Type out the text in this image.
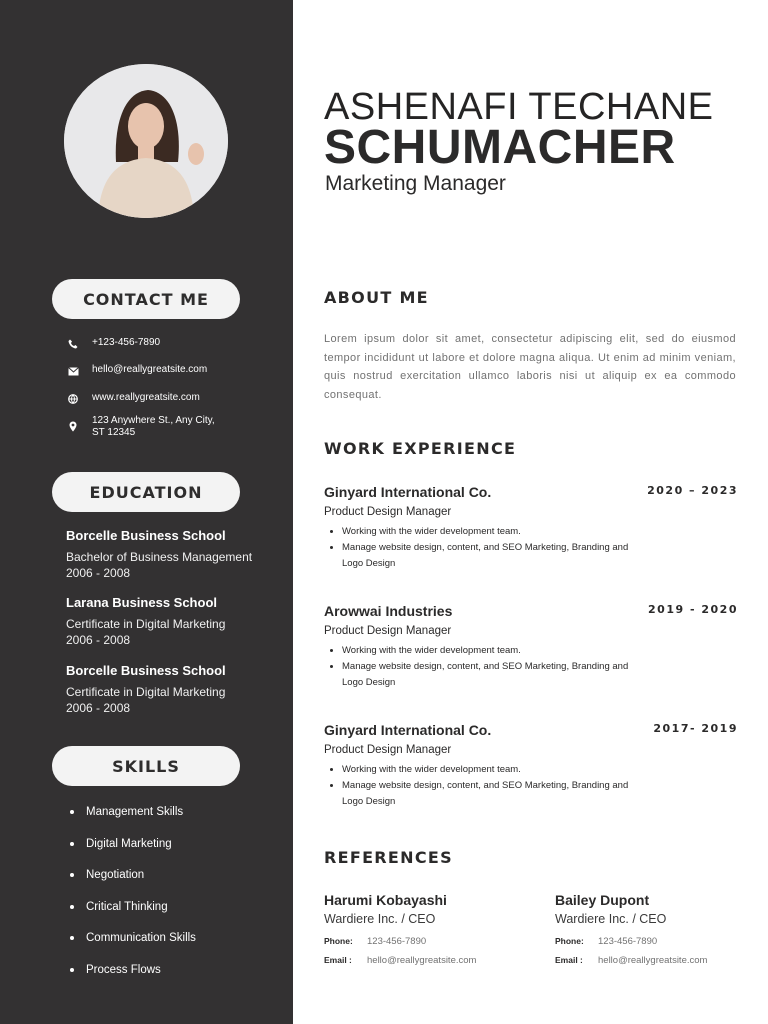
CONTACT ME
+123-456-7890
hello@reallygreatsite.com
www.reallygreatsite.com
123 Anywhere St., Any City,
ST 12345
EDUCATION
Borcelle Business School
Bachelor of Business Management
2006 - 2008
Larana Business School
Certificate in Digital Marketing
2006 - 2008
Borcelle Business School
Certificate in Digital Marketing
2006 - 2008
SKILLS
Management Skills
Digital Marketing
Negotiation
Critical Thinking
Communication Skills
Process Flows
ASHENAFI TECHANE
SCHUMACHER
Marketing Manager
ABOUT ME
Lorem ipsum dolor sit amet, consectetur adipiscing elit, sed do eiusmod tempor incididunt ut labore et dolore magna aliqua. Ut enim ad minim veniam, quis nostrud exercitation ullamco laboris nisi ut aliquip ex ea commodo consequat.
WORK EXPERIENCE
Ginyard International Co.	2020 – 2023
Product Design Manager
• Working with the wider development team.
• Manage website design, content, and SEO Marketing, Branding and Logo Design
Arowwai Industries	2019 - 2020
Product Design Manager
• Working with the wider development team.
• Manage website design, content, and SEO Marketing, Branding and Logo Design
Ginyard International Co.	2017- 2019
Product Design Manager
• Working with the wider development team.
• Manage website design, content, and SEO Marketing, Branding and Logo Design
REFERENCES
Harumi Kobayashi
Wardiere Inc. / CEO
Phone:	123-456-7890
Email :	hello@reallygreatsite.com
Bailey Dupont
Wardiere Inc. / CEO
Phone:	123-456-7890
Email :	hello@reallygreatsite.com
